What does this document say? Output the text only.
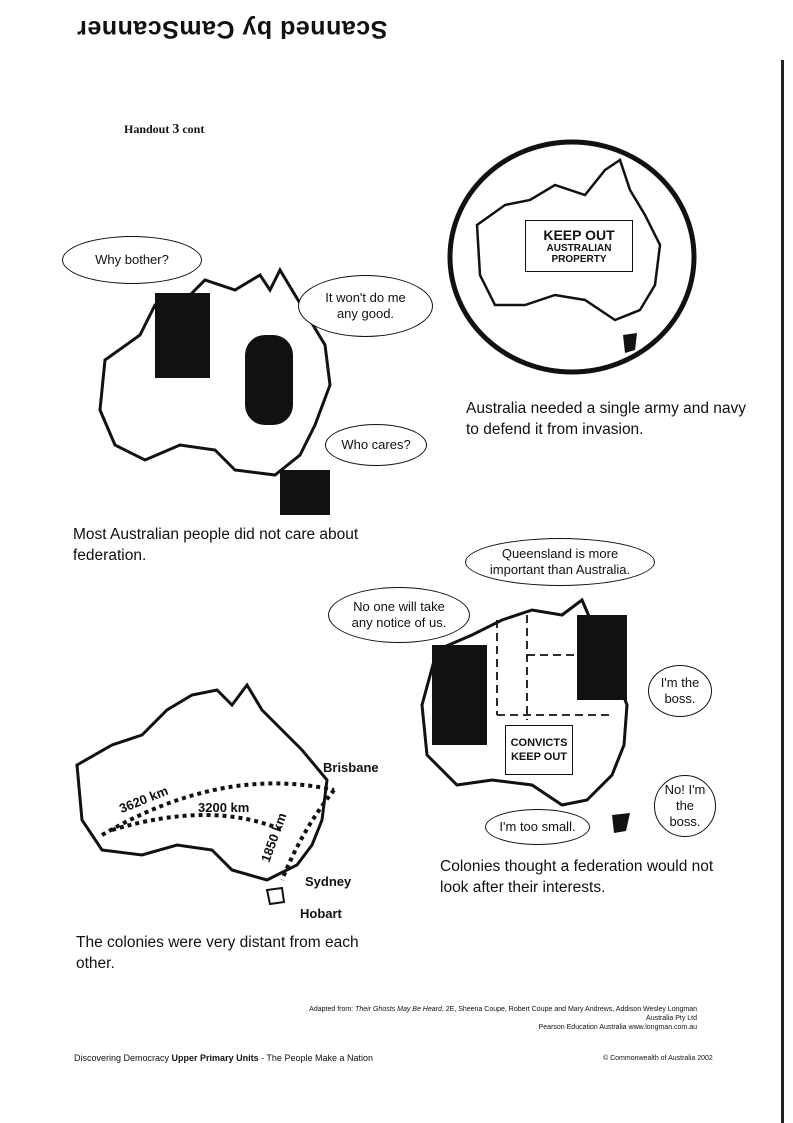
Scanned by CamScanner
Handout 3 cont
Why bother?
It won't do me any good.
Who cares?
Most Australian people did not care about federation.
KEEP OUT
AUSTRALIAN PROPERTY
Australia needed a single army and navy to defend it from invasion.
Brisbane
Sydney
Hobart
3620 km 3200 km
1850 km
The colonies were very distant from each other.
CONVICTS KEEP OUT
Queensland is more important than Australia.
No one will take any notice of us.
I'm the boss.
No! I'm the boss.
I'm too small.
Colonies thought a federation would not look after their interests.
Adapted from: Their Ghosts May Be Heard, 2E, Sheena Coupe, Robert Coupe and Mary Andrews, Addison Wesley Longman Australia Pty Ltd
Pearson Education Australia www.longman.com.au
Discovering Democracy Upper Primary Units - The People Make a Nation	© Commonwealth of Australia 2002
